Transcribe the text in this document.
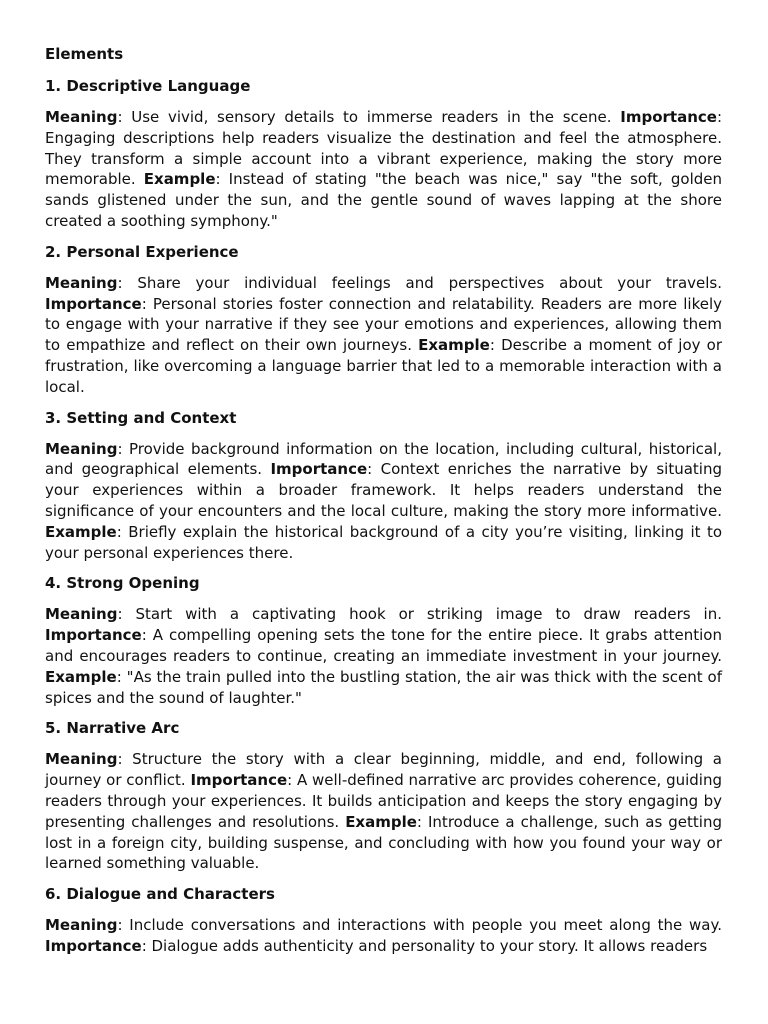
Elements
1. Descriptive Language

Meaning: Use vivid, sensory details to immerse readers in the scene. Importance: Engaging descriptions help readers visualize the destination and feel the atmosphere. They transform a simple account into a vibrant experience, making the story more memorable. Example: Instead of stating "the beach was nice," say "the soft, golden sands glistened under the sun, and the gentle sound of waves lapping at the shore created a soothing symphony."

2. Personal Experience

Meaning: Share your individual feelings and perspectives about your travels. Importance: Personal stories foster connection and relatability. Readers are more likely to engage with your narrative if they see your emotions and experiences, allowing them to empathize and reflect on their own journeys. Example: Describe a moment of joy or frustration, like overcoming a language barrier that led to a memorable interaction with a local.

3. Setting and Context

Meaning: Provide background information on the location, including cultural, historical, and geographical elements. Importance: Context enriches the narrative by situating your experiences within a broader framework. It helps readers understand the significance of your encounters and the local culture, making the story more informative. Example: Briefly explain the historical background of a city you’re visiting, linking it to your personal experiences there.

4. Strong Opening

Meaning: Start with a captivating hook or striking image to draw readers in. Importance: A compelling opening sets the tone for the entire piece. It grabs attention and encourages readers to continue, creating an immediate investment in your journey. Example: "As the train pulled into the bustling station, the air was thick with the scent of spices and the sound of laughter."

5. Narrative Arc

Meaning: Structure the story with a clear beginning, middle, and end, following a journey or conflict. Importance: A well-defined narrative arc provides coherence, guiding readers through your experiences. It builds anticipation and keeps the story engaging by presenting challenges and resolutions. Example: Introduce a challenge, such as getting lost in a foreign city, building suspense, and concluding with how you found your way or learned something valuable.

6. Dialogue and Characters

Meaning: Include conversations and interactions with people you meet along the way. Importance: Dialogue adds authenticity and personality to your story. It allows readers
